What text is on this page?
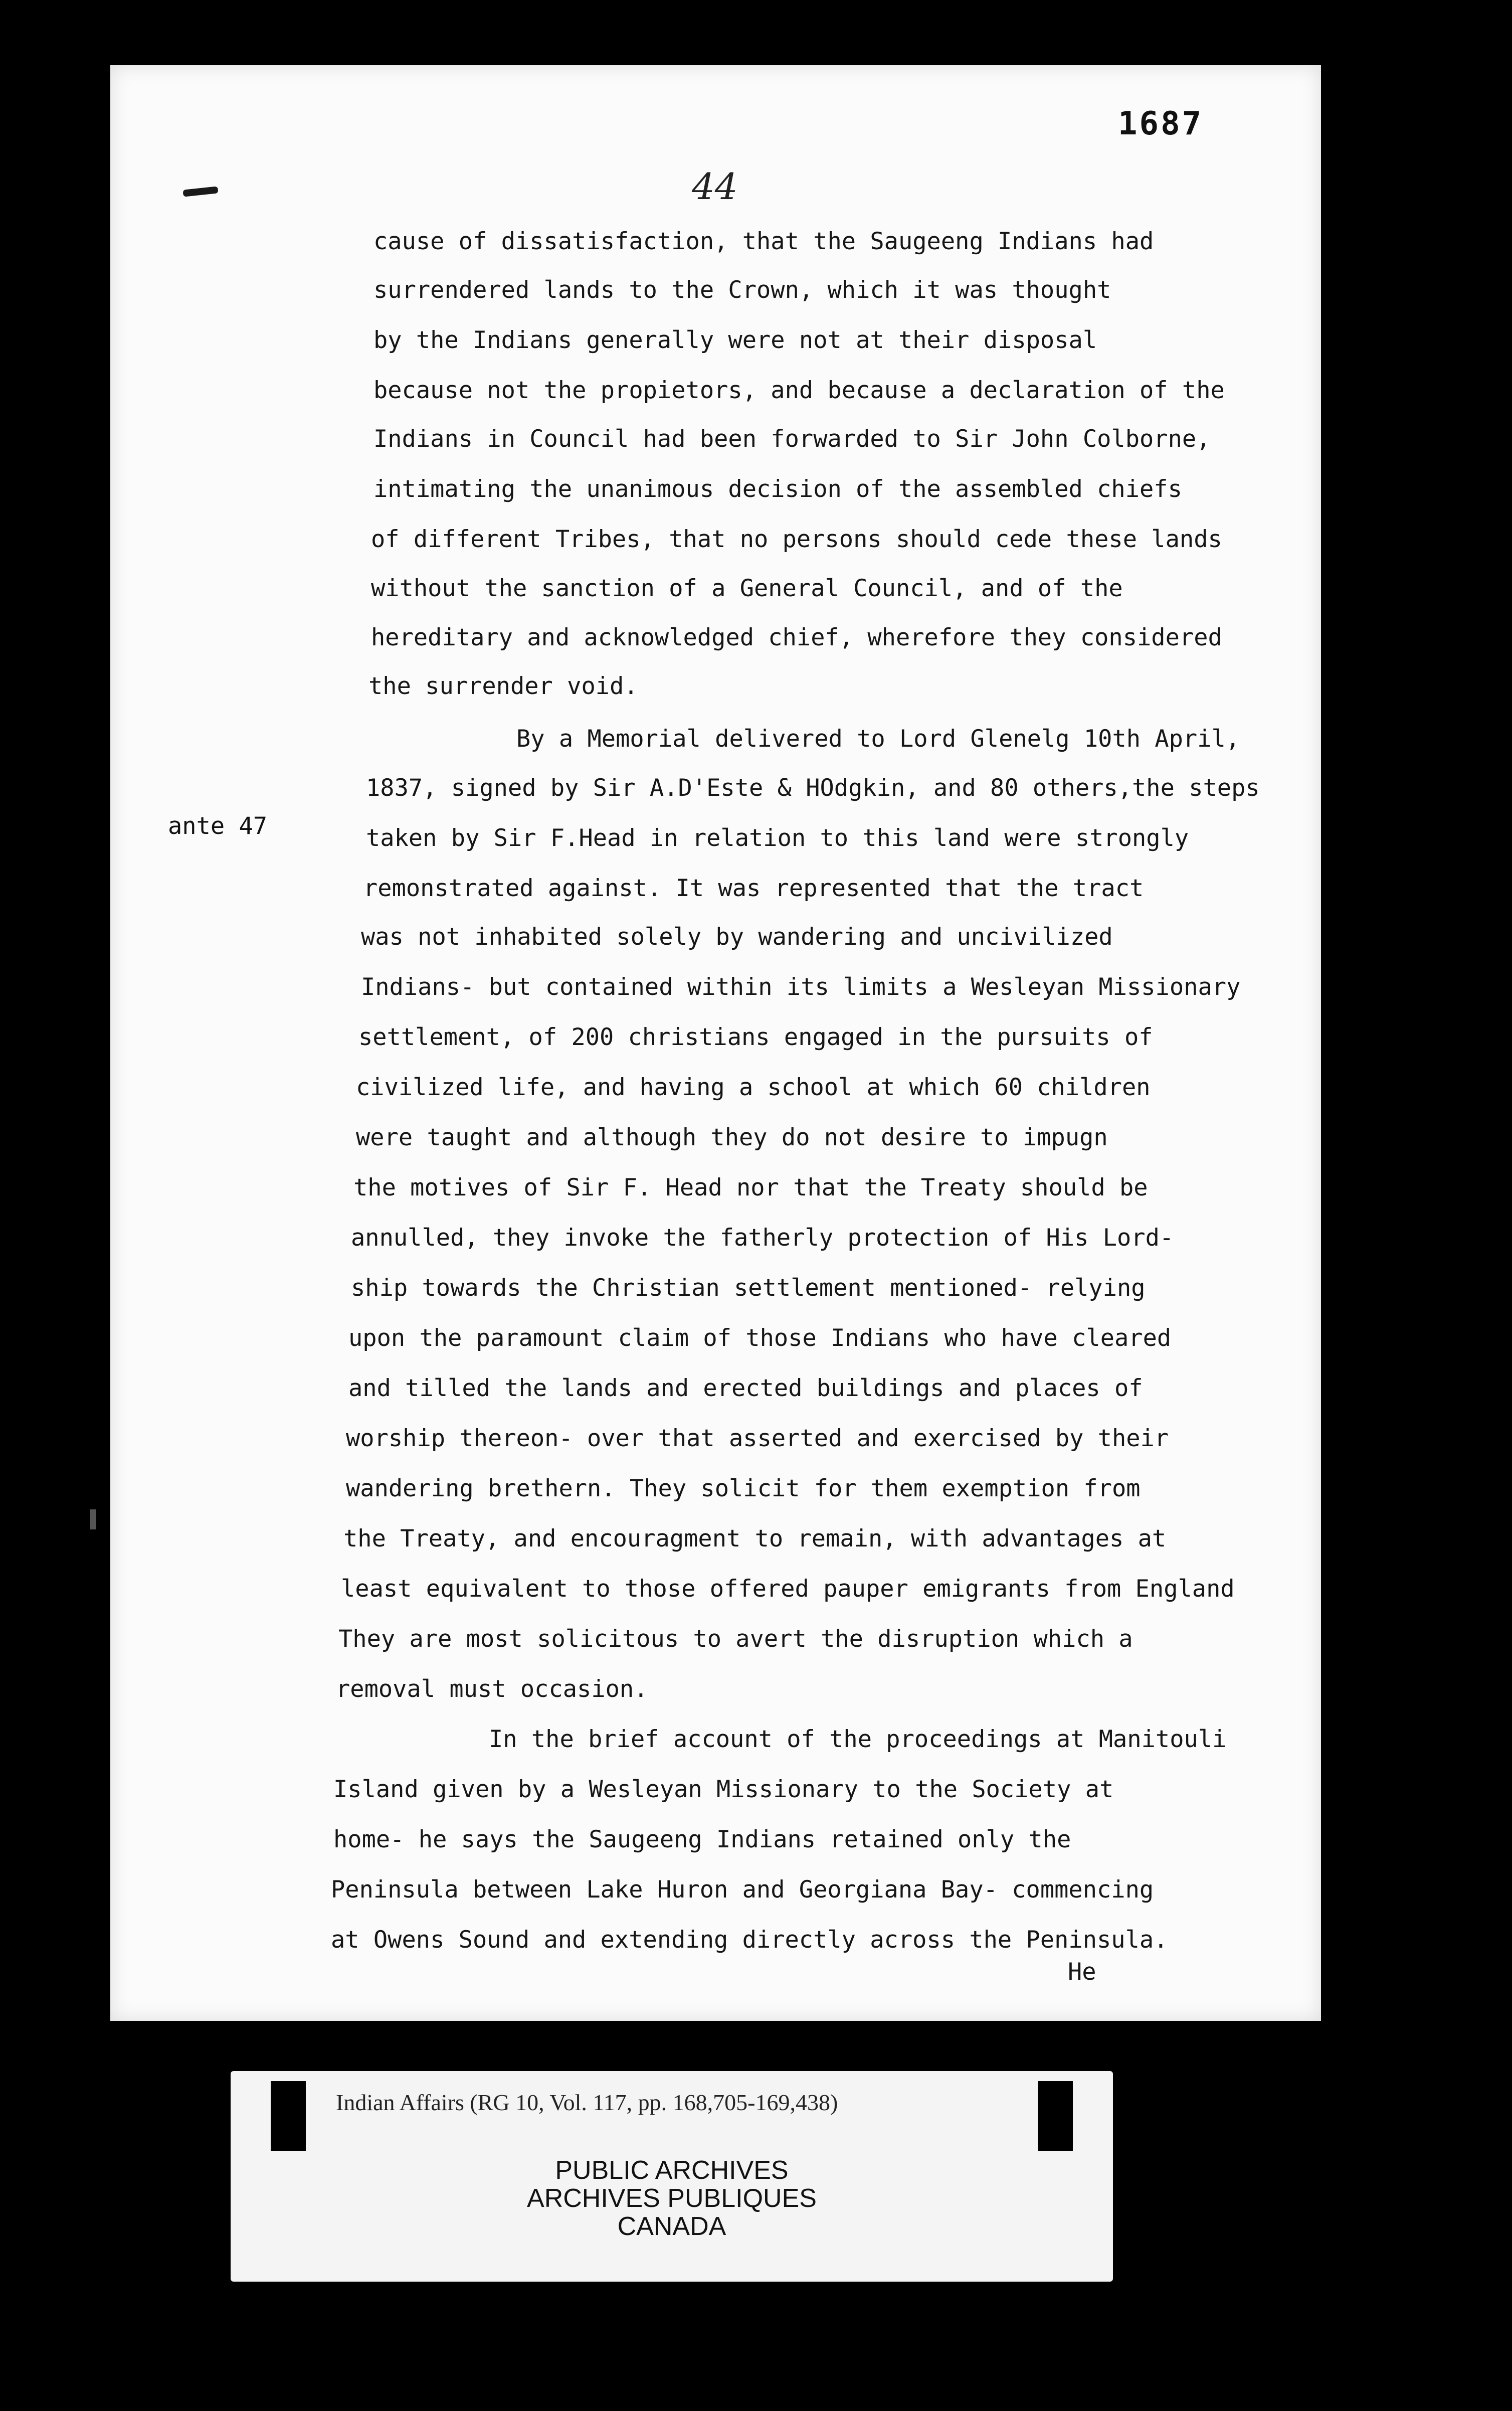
1687
44
ante 47
cause of dissatisfaction, that the Saugeeng Indians had
surrendered lands to the Crown, which it was thought
by the Indians generally were not at their disposal
because not the propietors, and because a declaration of the
Indians in Council had been forwarded to Sir John Colborne,
intimating the unanimous decision of the assembled chiefs
of different Tribes, that no persons should cede these lands
without the sanction of a General Council, and of the
hereditary and acknowledged chief, wherefore they considered
the surrender void.
By a Memorial delivered to Lord Glenelg 10th April,
1837, signed by Sir A.D'Este & HOdgkin, and 80 others,the steps
taken by Sir F.Head in relation to this land were strongly
remonstrated against. It was represented that the tract
was not inhabited solely by wandering and uncivilized
Indians- but contained within its limits a Wesleyan Missionary
settlement, of 200 christians engaged in the pursuits of
civilized life, and having a school at which 60 children
were taught and although they do not desire to impugn
the motives of Sir F. Head nor that the Treaty should be
annulled, they invoke the fatherly protection of His Lord-
ship towards the Christian settlement mentioned- relying
upon the paramount claim of those Indians who have cleared
and tilled the lands and erected buildings and places of
worship thereon- over that asserted and exercised by their
wandering brethern. They solicit for them exemption from
the Treaty, and encouragment to remain, with advantages at
least equivalent to those offered pauper emigrants from England
They are most solicitous to avert the disruption which a
removal must occasion.
In the brief account of the proceedings at Manitouli
Island given by a Wesleyan Missionary to the Society at
home- he says the Saugeeng Indians retained only the
Peninsula between Lake Huron and Georgiana Bay- commencing
at Owens Sound and extending directly across the Peninsula.
He
Indian Affairs (RG 10, Vol. 117, pp. 168,705-169,438)
PUBLIC ARCHIVES
ARCHIVES PUBLIQUES
CANADA
